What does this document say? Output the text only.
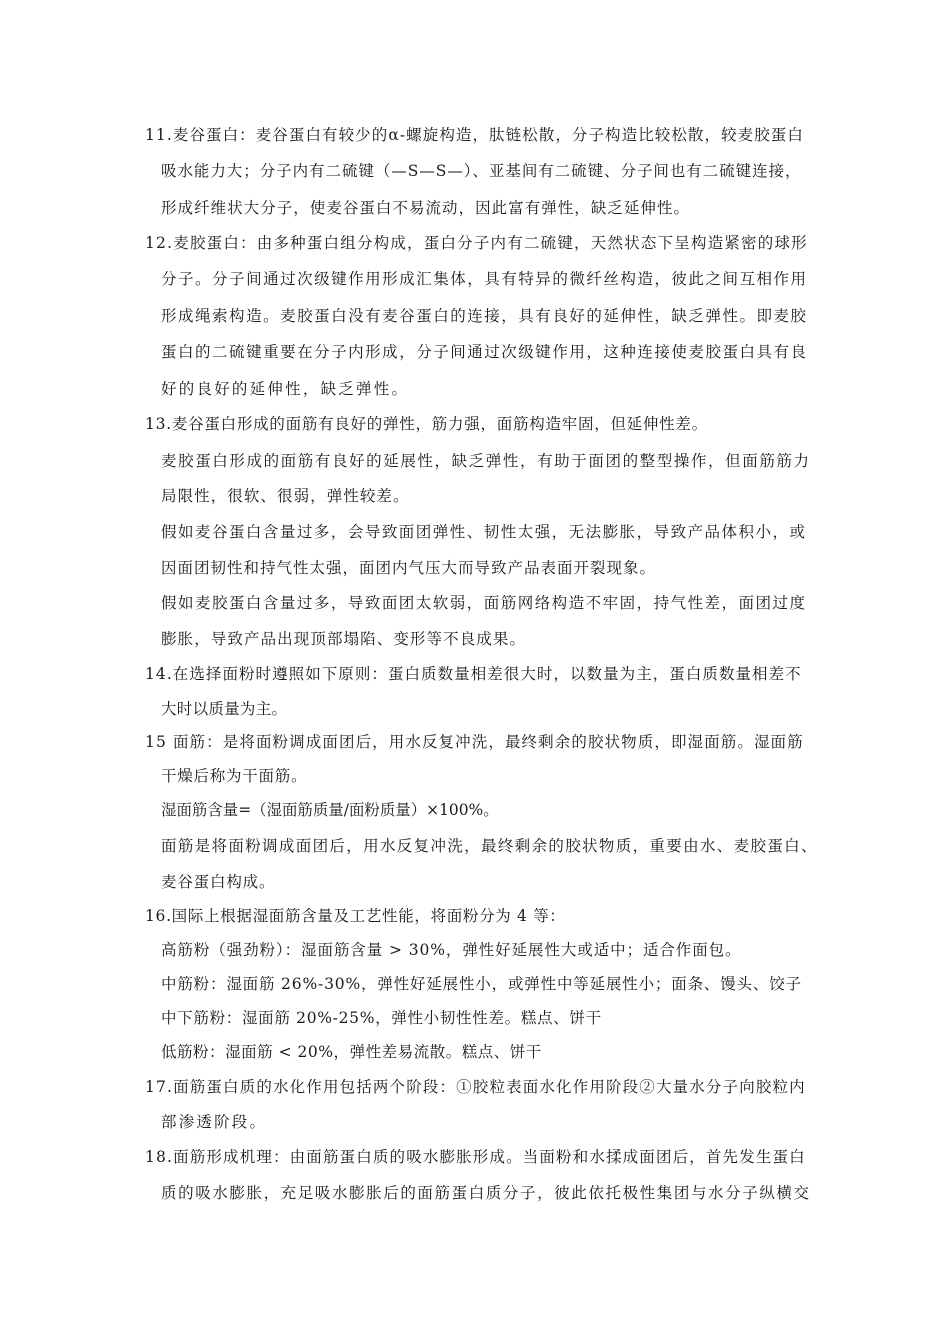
11.麦谷蛋白：麦谷蛋白有较少的α-螺旋构造，肽链松散，分子构造比较松散，较麦胶蛋白
吸水能力大；分子内有二硫键（—S—S—）、亚基间有二硫键、分子间也有二硫键连接，
形成纤维状大分子，使麦谷蛋白不易流动，因此富有弹性，缺乏延伸性。
12.麦胶蛋白：由多种蛋白组分构成，蛋白分子内有二硫键，天然状态下呈构造紧密的球形
分子。分子间通过次级键作用形成汇集体，具有特异的微纤丝构造，彼此之间互相作用
形成绳索构造。麦胶蛋白没有麦谷蛋白的连接，具有良好的延伸性，缺乏弹性。即麦胶
蛋白的二硫键重要在分子内形成，分子间通过次级键作用，这种连接使麦胶蛋白具有良
好的良好的延伸性，缺乏弹性。
13.麦谷蛋白形成的面筋有良好的弹性，筋力强，面筋构造牢固，但延伸性差。
麦胶蛋白形成的面筋有良好的延展性，缺乏弹性，有助于面团的整型操作，但面筋筋力
局限性，很软、很弱，弹性较差。
假如麦谷蛋白含量过多，会导致面团弹性、韧性太强，无法膨胀，导致产品体积小，或
因面团韧性和持气性太强，面团内气压大而导致产品表面开裂现象。
假如麦胶蛋白含量过多，导致面团太软弱，面筋网络构造不牢固，持气性差，面团过度
膨胀，导致产品出现顶部塌陷、变形等不良成果。
14.在选择面粉时遵照如下原则：蛋白质数量相差很大时，以数量为主，蛋白质数量相差不
大时以质量为主。
15 面筋：是将面粉调成面团后，用水反复冲洗，最终剩余的胶状物质，即湿面筋。湿面筋
干燥后称为干面筋。
湿面筋含量=（湿面筋质量/面粉质量）×100%。
面筋是将面粉调成面团后，用水反复冲洗，最终剩余的胶状物质，重要由水、麦胶蛋白、
麦谷蛋白构成。
16.国际上根据湿面筋含量及工艺性能，将面粉分为 4 等：
高筋粉（强劲粉）：湿面筋含量 > 30%，弹性好延展性大或适中；适合作面包。
中筋粉：湿面筋 26%-30%，弹性好延展性小，或弹性中等延展性小；面条、馒头、饺子
中下筋粉：湿面筋 20%-25%，弹性小韧性性差。糕点、饼干
低筋粉：湿面筋 < 20%，弹性差易流散。糕点、饼干
17.面筋蛋白质的水化作用包括两个阶段：①胶粒表面水化作用阶段②大量水分子向胶粒内
部渗透阶段。
18.面筋形成机理：由面筋蛋白质的吸水膨胀形成。当面粉和水揉成面团后，首先发生蛋白
质的吸水膨胀，充足吸水膨胀后的面筋蛋白质分子，彼此依托极性集团与水分子纵横交
